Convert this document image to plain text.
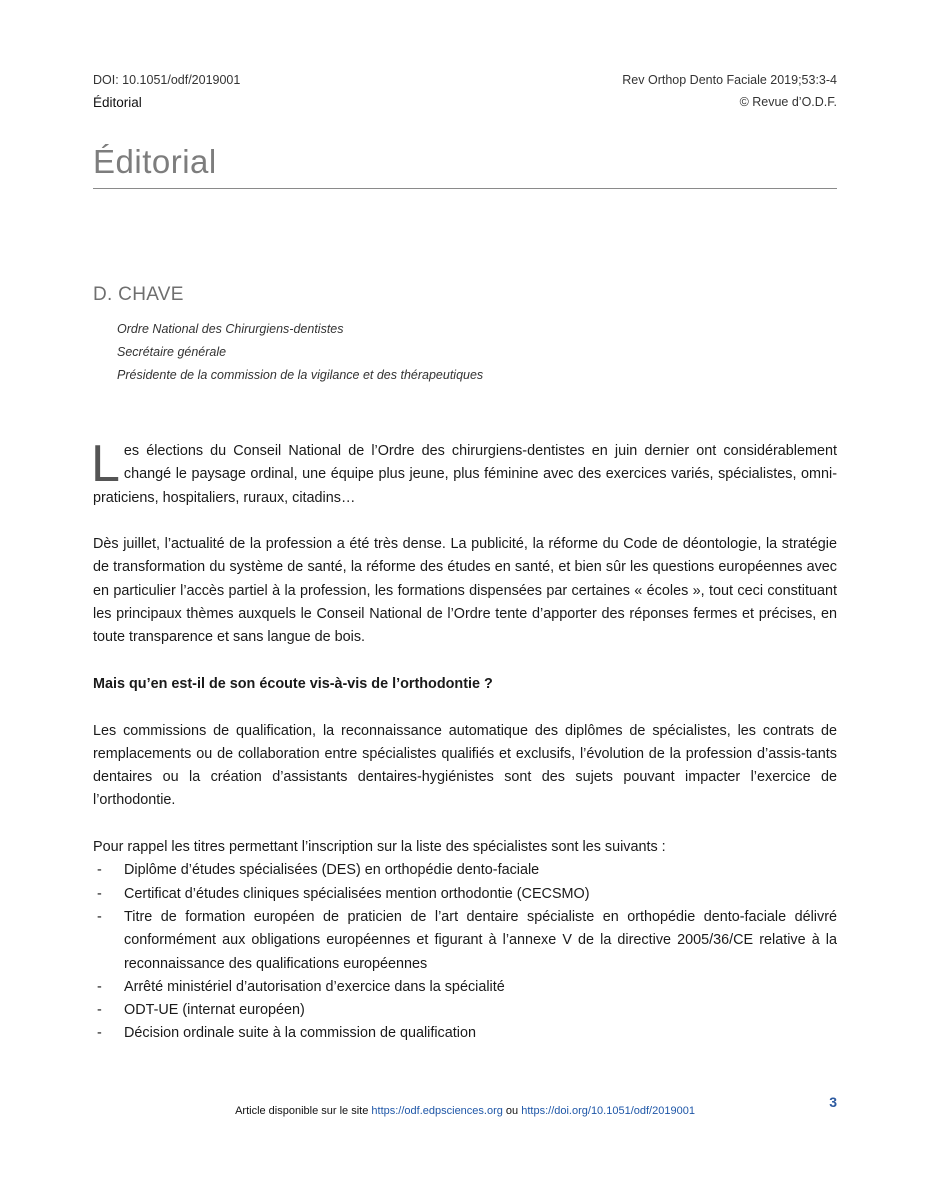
DOI: 10.1051/odf/2019001
Éditorial
Rev Orthop Dento Faciale 2019;53:3-4
© Revue d’O.D.F.
Éditorial
D. CHAVE
Ordre National des Chirurgiens-dentistes
Secrétaire générale
Présidente de la commission de la vigilance et des thérapeutiques

Les élections du Conseil National de l’Ordre des chirurgiens-dentistes en juin dernier ont considérablement changé le paysage ordinal, une équipe plus jeune, plus féminine avec des exercices variés, spécialistes, omni-praticiens, hospitaliers, ruraux, citadins…

Dès juillet, l’actualité de la profession a été très dense. La publicité, la réforme du Code de déontologie, la stratégie de transformation du système de santé, la réforme des études en santé, et bien sûr les questions européennes avec en particulier l’accès partiel à la profession, les formations dispensées par certaines « écoles », tout ceci constituant les principaux thèmes auxquels le Conseil National de l’Ordre tente d’apporter des réponses fermes et précises, en toute transparence et sans langue de bois.

Mais qu’en est-il de son écoute vis-à-vis de l’orthodontie ?

Les commissions de qualification, la reconnaissance automatique des diplômes de spécialistes, les contrats de remplacements ou de collaboration entre spécialistes qualifiés et exclusifs, l’évolution de la profession d’assis-tants dentaires ou la création d’assistants dentaires-hygiénistes sont des sujets pouvant impacter l’exercice de l’orthodontie.

Pour rappel les titres permettant l’inscription sur la liste des spécialistes sont les suivants :

- Diplôme d’études spécialisées (DES) en orthopédie dento-faciale
- Certificat d’études cliniques spécialisées mention orthodontie (CECSMO)
- Titre de formation européen de praticien de l’art dentaire spécialiste en orthopédie dento-faciale délivré conformément aux obligations européennes et figurant à l’annexe V de la directive 2005/36/CE relative à la reconnaissance des qualifications européennes
- Arrêté ministériel d’autorisation d’exercice dans la spécialité
- ODT-UE (internat européen)
- Décision ordinale suite à la commission de qualification
Article disponible sur le site https://odf.edpsciences.org ou https://doi.org/10.1051/odf/2019001
3
